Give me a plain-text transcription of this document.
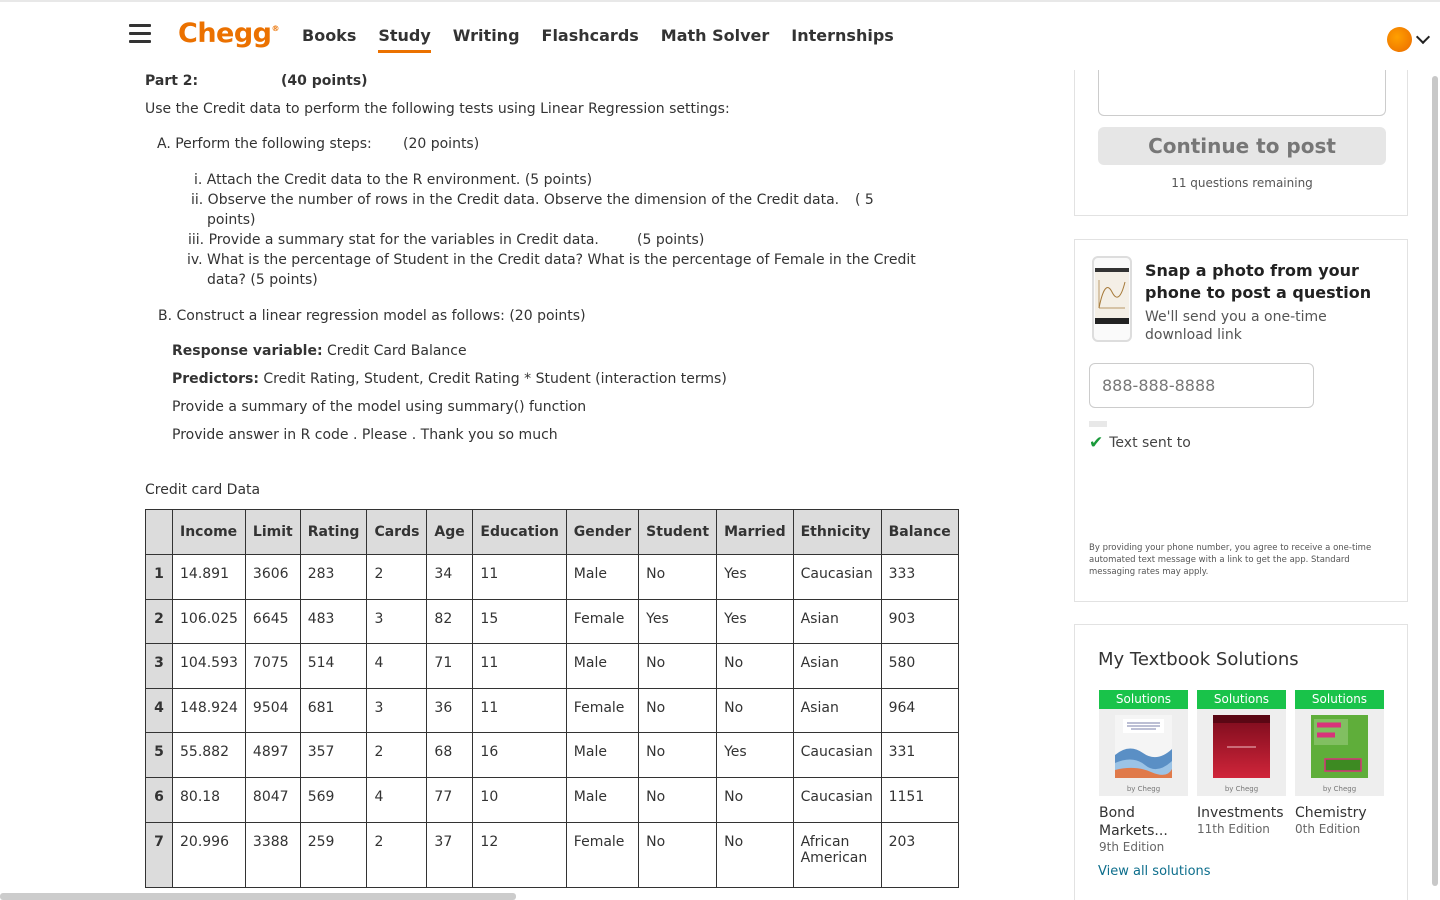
Chegg® Books Study Writing Flashcards Math Solver Internships
Part 2:	(40 points)
Use the Credit data to perform the following tests using Linear Regression settings:
A. Perform the following steps: (20 points)
i. Attach the Credit data to the R environment. (5 points)
ii. Observe the number of rows in the Credit data. Observe the dimension of the Credit data. ( 5
points)
iii. Provide a summary stat for the variables in Credit data.	(5 points)
iv. What is the percentage of Student in the Credit data? What is the percentage of Female in the Credit
data? (5 points)
B. Construct a linear regression model as follows: (20 points)
Response variable: Credit Card Balance
Predictors: Credit Rating, Student, Credit Rating * Student (interaction terms)
Provide a summary of the model using summary() function
Provide answer in R code . Please . Thank you so much
Credit card Data
	Income	Limit	Rating	Cards	Age	Education	Gender	Student	Married	Ethnicity	Balance
1	14.891	3606	283	2	34	11	Male	No	Yes	Caucasian	333
2	106.025	6645	483	3	82	15	Female	Yes	Yes	Asian	903
3	104.593	7075	514	4	71	11	Male	No	No	Asian	580
4	148.924	9504	681	3	36	11	Female	No	No	Asian	964
5	55.882	4897	357	2	68	16	Male	No	Yes	Caucasian	331
6	80.18	8047	569	4	77	10	Male	No	No	Caucasian	1151
7	20.996	3388	259	2	37	12	Female	No	No	African American	203
Continue to post
11 questions remaining
Snap a photo from your phone to post a question
We'll send you a one-time download link
888-888-8888
✔ Text sent to
By providing your phone number, you agree to receive a one-time automated text message with a link to get the app. Standard messaging rates may apply.
My Textbook Solutions
Solutions
by Chegg
Bond Markets...
9th Edition
Solutions
by Chegg
Investments
11th Edition
Solutions
by Chegg
Chemistry
0th Edition
View all solutions
